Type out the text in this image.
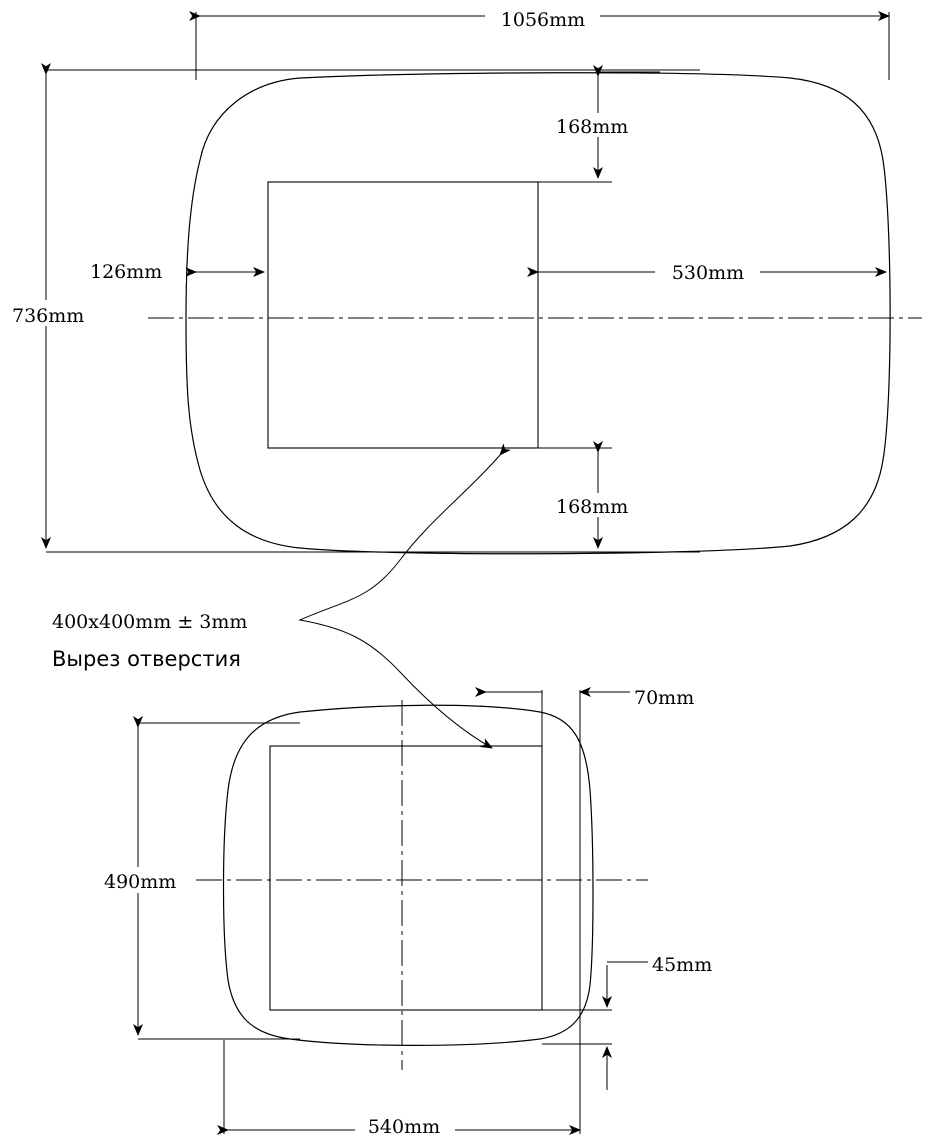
1056mm
736mm
168mm
168mm
126mm	530mm
400x400mm ± 3mm
Вырез отверстия
490mm
540mm
70mm
45mm
